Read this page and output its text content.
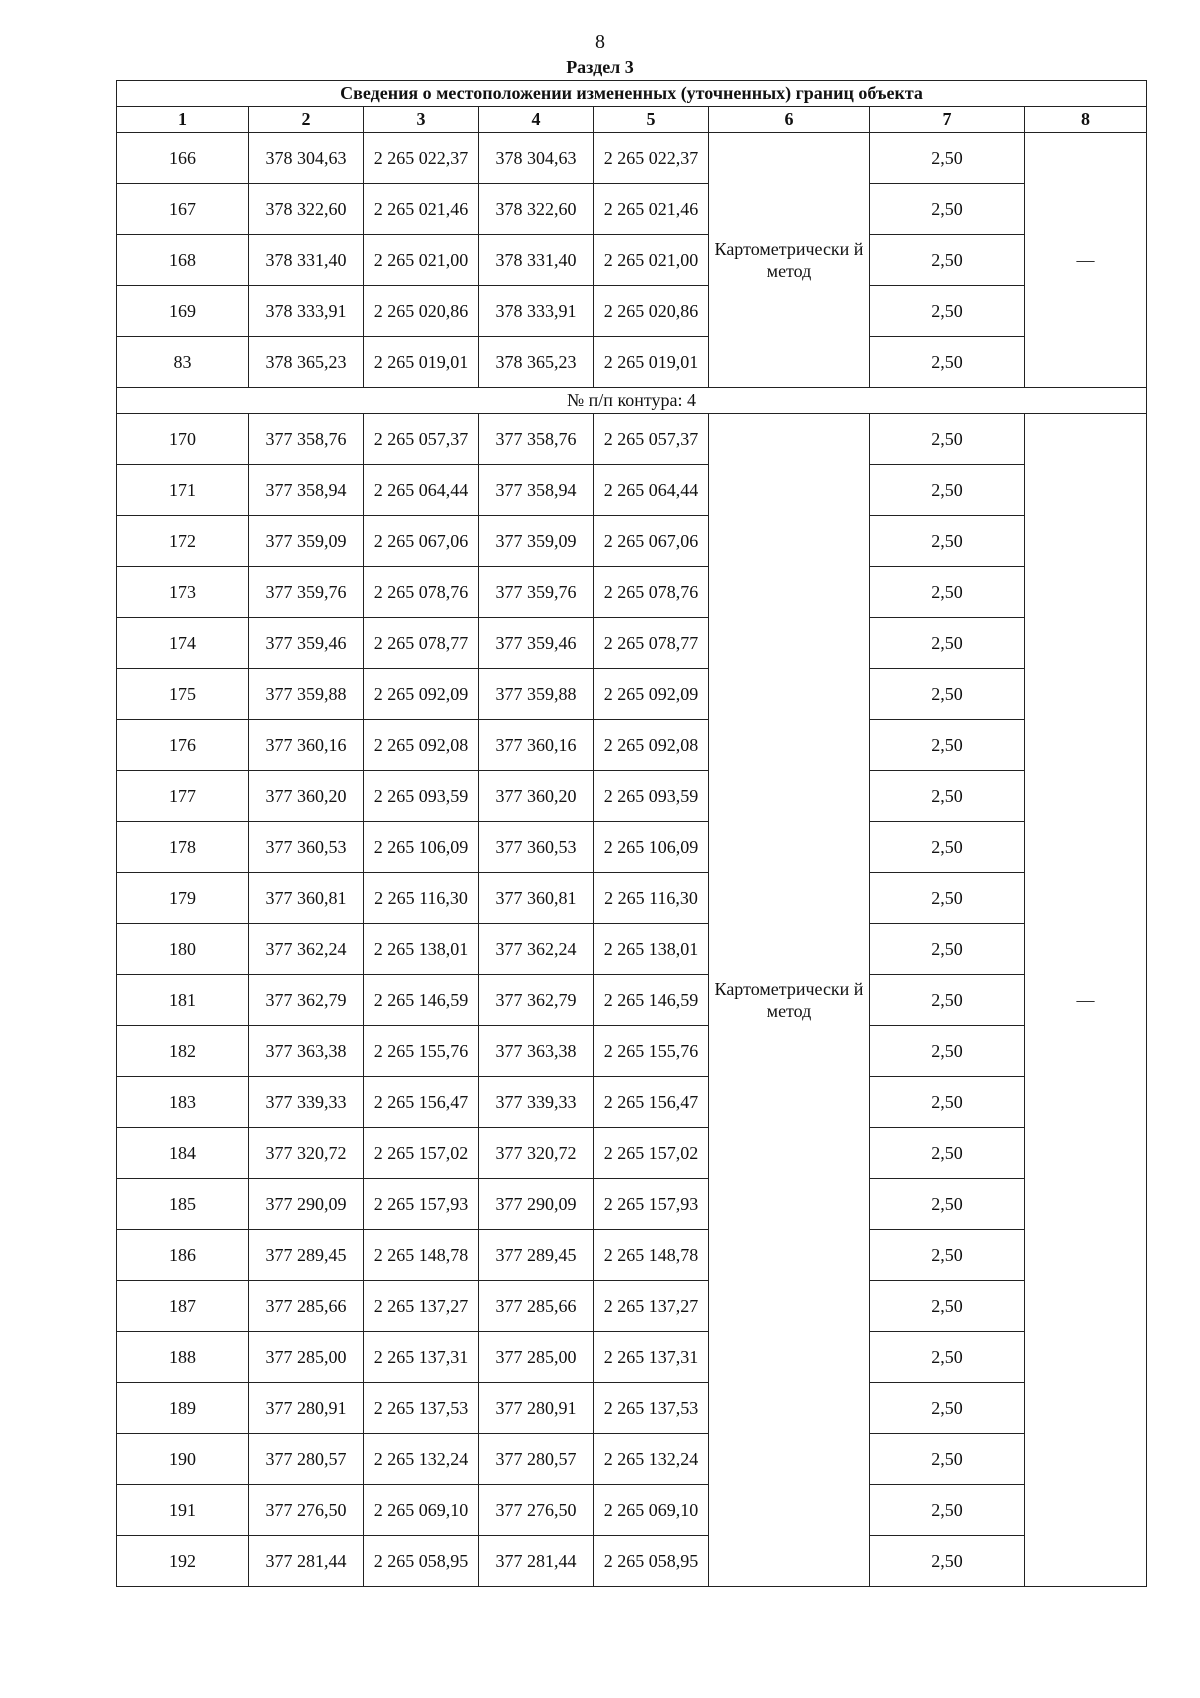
8
Раздел 3
Сведения о местоположении измененных (уточненных) границ объекта							
1	2	3	4	5	6	7	8
166	378 304,63	2 265 022,37	378 304,63	2 265 022,37	Картометрически й метод	2,50	—
167	378 322,60	2 265 021,46	378 322,60	2 265 021,46		2,50	
168	378 331,40	2 265 021,00	378 331,40	2 265 021,00		2,50	
169	378 333,91	2 265 020,86	378 333,91	2 265 020,86		2,50	
83	378 365,23	2 265 019,01	378 365,23	2 265 019,01		2,50	
№ п/п контура: 4							
170	377 358,76	2 265 057,37	377 358,76	2 265 057,37	Картометрически й метод	2,50	—
171	377 358,94	2 265 064,44	377 358,94	2 265 064,44		2,50	
172	377 359,09	2 265 067,06	377 359,09	2 265 067,06		2,50	
173	377 359,76	2 265 078,76	377 359,76	2 265 078,76		2,50	
174	377 359,46	2 265 078,77	377 359,46	2 265 078,77		2,50	
175	377 359,88	2 265 092,09	377 359,88	2 265 092,09		2,50	
176	377 360,16	2 265 092,08	377 360,16	2 265 092,08		2,50	
177	377 360,20	2 265 093,59	377 360,20	2 265 093,59		2,50	
178	377 360,53	2 265 106,09	377 360,53	2 265 106,09		2,50	
179	377 360,81	2 265 116,30	377 360,81	2 265 116,30		2,50	
180	377 362,24	2 265 138,01	377 362,24	2 265 138,01		2,50	
181	377 362,79	2 265 146,59	377 362,79	2 265 146,59		2,50	
182	377 363,38	2 265 155,76	377 363,38	2 265 155,76		2,50	
183	377 339,33	2 265 156,47	377 339,33	2 265 156,47		2,50	
184	377 320,72	2 265 157,02	377 320,72	2 265 157,02		2,50	
185	377 290,09	2 265 157,93	377 290,09	2 265 157,93		2,50	
186	377 289,45	2 265 148,78	377 289,45	2 265 148,78		2,50	
187	377 285,66	2 265 137,27	377 285,66	2 265 137,27		2,50	
188	377 285,00	2 265 137,31	377 285,00	2 265 137,31		2,50	
189	377 280,91	2 265 137,53	377 280,91	2 265 137,53		2,50	
190	377 280,57	2 265 132,24	377 280,57	2 265 132,24		2,50	
191	377 276,50	2 265 069,10	377 276,50	2 265 069,10		2,50	
192	377 281,44	2 265 058,95	377 281,44	2 265 058,95		2,50	
